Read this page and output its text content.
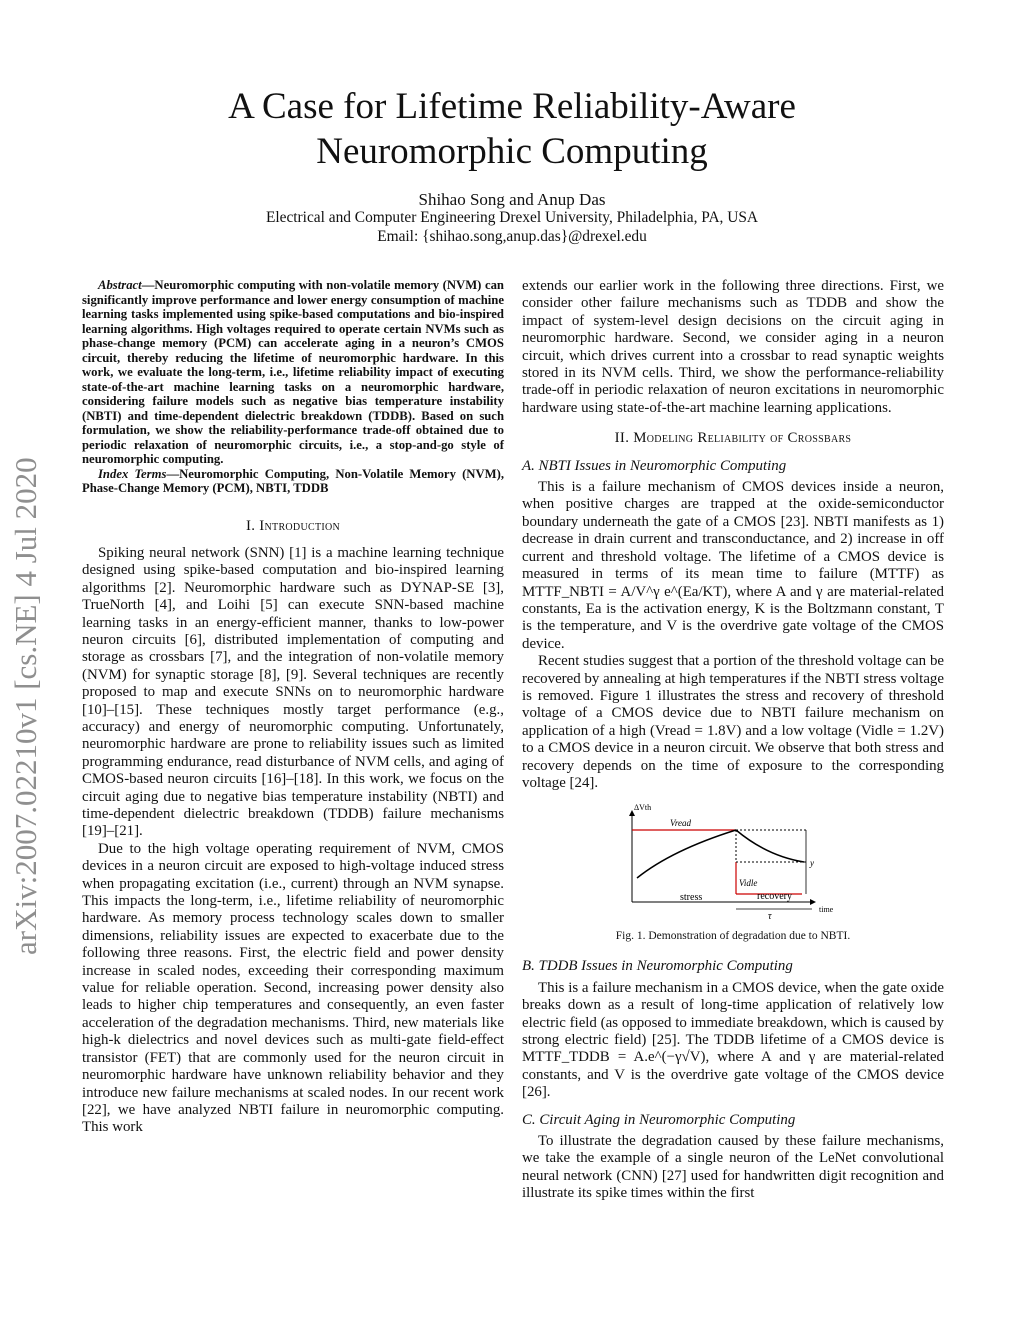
arXiv:2007.02210v1 [cs.NE] 4 Jul 2020
A Case for Lifetime Reliability-Aware
Neuromorphic Computing
Shihao Song and Anup Das
Electrical and Computer Engineering Drexel University, Philadelphia, PA, USA
Email: {shihao.song,anup.das}@drexel.edu

Abstract—Neuromorphic computing with non-volatile memory (NVM) can significantly improve performance and lower energy consumption of machine learning tasks implemented using spike-based computations and bio-inspired learning algorithms. High voltages required to operate certain NVMs such as phase-change memory (PCM) can accelerate aging in a neuron’s CMOS circuit, thereby reducing the lifetime of neuromorphic hardware. In this work, we evaluate the long-term, i.e., lifetime reliability impact of executing state-of-the-art machine learning tasks on a neuromorphic hardware, considering failure models such as negative bias temperature instability (NBTI) and time-dependent dielectric breakdown (TDDB). Based on such formulation, we show the reliability-performance trade-off obtained due to periodic relaxation of neuromorphic circuits, i.e., a stop-and-go style of neuromorphic computing.

Index Terms—Neuromorphic Computing, Non-Volatile Memory (NVM), Phase-Change Memory (PCM), NBTI, TDDB

I. Introduction

Spiking neural network (SNN) [1] is a machine learning technique designed using spike-based computation and bio-inspired learning algorithms [2]. Neuromorphic hardware such as DYNAP-SE [3], TrueNorth [4], and Loihi [5] can execute SNN-based machine learning tasks in an energy-efficient manner, thanks to low-power neuron circuits [6], distributed implementation of computing and storage as crossbars [7], and the integration of non-volatile memory (NVM) for synaptic storage [8], [9]. Several techniques are recently proposed to map and execute SNNs on to neuromorphic hardware [10]–[15]. These techniques mostly target performance (e.g., accuracy) and energy of neuromorphic computing. Unfortunately, neuromorphic hardware are prone to reliability issues such as limited programming endurance, read disturbance of NVM cells, and aging of CMOS-based neuron circuits [16]–[18]. In this work, we focus on the circuit aging due to negative bias temperature instability (NBTI) and time-dependent dielectric breakdown (TDDB) failure mechanisms [19]–[21].

Due to the high voltage operating requirement of NVM, CMOS devices in a neuron circuit are exposed to high-voltage induced stress when propagating excitation (i.e., current) through an NVM synapse. This impacts the long-term, i.e., lifetime reliability of neuromorphic hardware. As memory process technology scales down to smaller dimensions, reliability issues are expected to exacerbate due to the following three reasons. First, the electric field and power density increase in scaled nodes, exceeding their corresponding maximum value for reliable operation. Second, increasing power density also leads to higher chip temperatures and consequently, an even faster acceleration of the degradation mechanisms. Third, new materials like high-k dielectrics and novel devices such as multi-gate field-effect transistor (FET) that are commonly used for the neuron circuit in neuromorphic hardware have unknown reliability behavior and they introduce new failure mechanisms at scaled nodes. In our recent work [22], we have analyzed NBTI failure in neuromorphic computing. This work

extends our earlier work in the following three directions. First, we consider other failure mechanisms such as TDDB and show the impact of system-level design decisions on the circuit aging in neuromorphic hardware. Second, we consider aging in a neuron circuit, which drives current into a crossbar to read synaptic weights stored in its NVM cells. Third, we show the performance-reliability trade-off in periodic relaxation of neuron excitations in neuromorphic hardware using state-of-the-art machine learning applications.

II. Modeling Reliability of Crossbars
A. NBTI Issues in Neuromorphic Computing

This is a failure mechanism of CMOS devices inside a neuron, when positive charges are trapped at the oxide-semiconductor boundary underneath the gate of a CMOS [23]. NBTI manifests as 1) decrease in drain current and transconductance, and 2) increase in off current and threshold voltage. The lifetime of a CMOS device is measured in terms of its mean time to failure (MTTF) as MTTF_NBTI = A/V^γ e^(Ea/KT), where A and γ are material-related constants, Ea is the activation energy, K is the Boltzmann constant, T is the temperature, and V is the overdrive gate voltage of the CMOS device.

Recent studies suggest that a portion of the threshold voltage can be recovered by annealing at high temperatures if the NBTI stress voltage is removed. Figure 1 illustrates the stress and recovery of threshold voltage of a CMOS device due to NBTI failure mechanism on application of a high (Vread = 1.8V) and a low voltage (Vidle = 1.2V) to a CMOS device in a neuron circuit. We observe that both stress and recovery depends on the time of exposure to the corresponding voltage [24].

ΔVth
Vread
Vidle
stress	recovery
τ
time
y
Fig. 1. Demonstration of degradation due to NBTI.
B. TDDB Issues in Neuromorphic Computing

This is a failure mechanism in a CMOS device, when the gate oxide breaks down as a result of long-time application of relatively low electric field (as opposed to immediate breakdown, which is caused by strong electric field) [25]. The TDDB lifetime of a CMOS device is MTTF_TDDB = A.e^(−γ√V), where A and γ are material-related constants, and V is the overdrive gate voltage of the CMOS device [26].

C. Circuit Aging in Neuromorphic Computing

To illustrate the degradation caused by these failure mechanisms, we take the example of a single neuron of the LeNet convolutional neural network (CNN) [27] used for handwritten digit recognition and illustrate its spike times within the first
